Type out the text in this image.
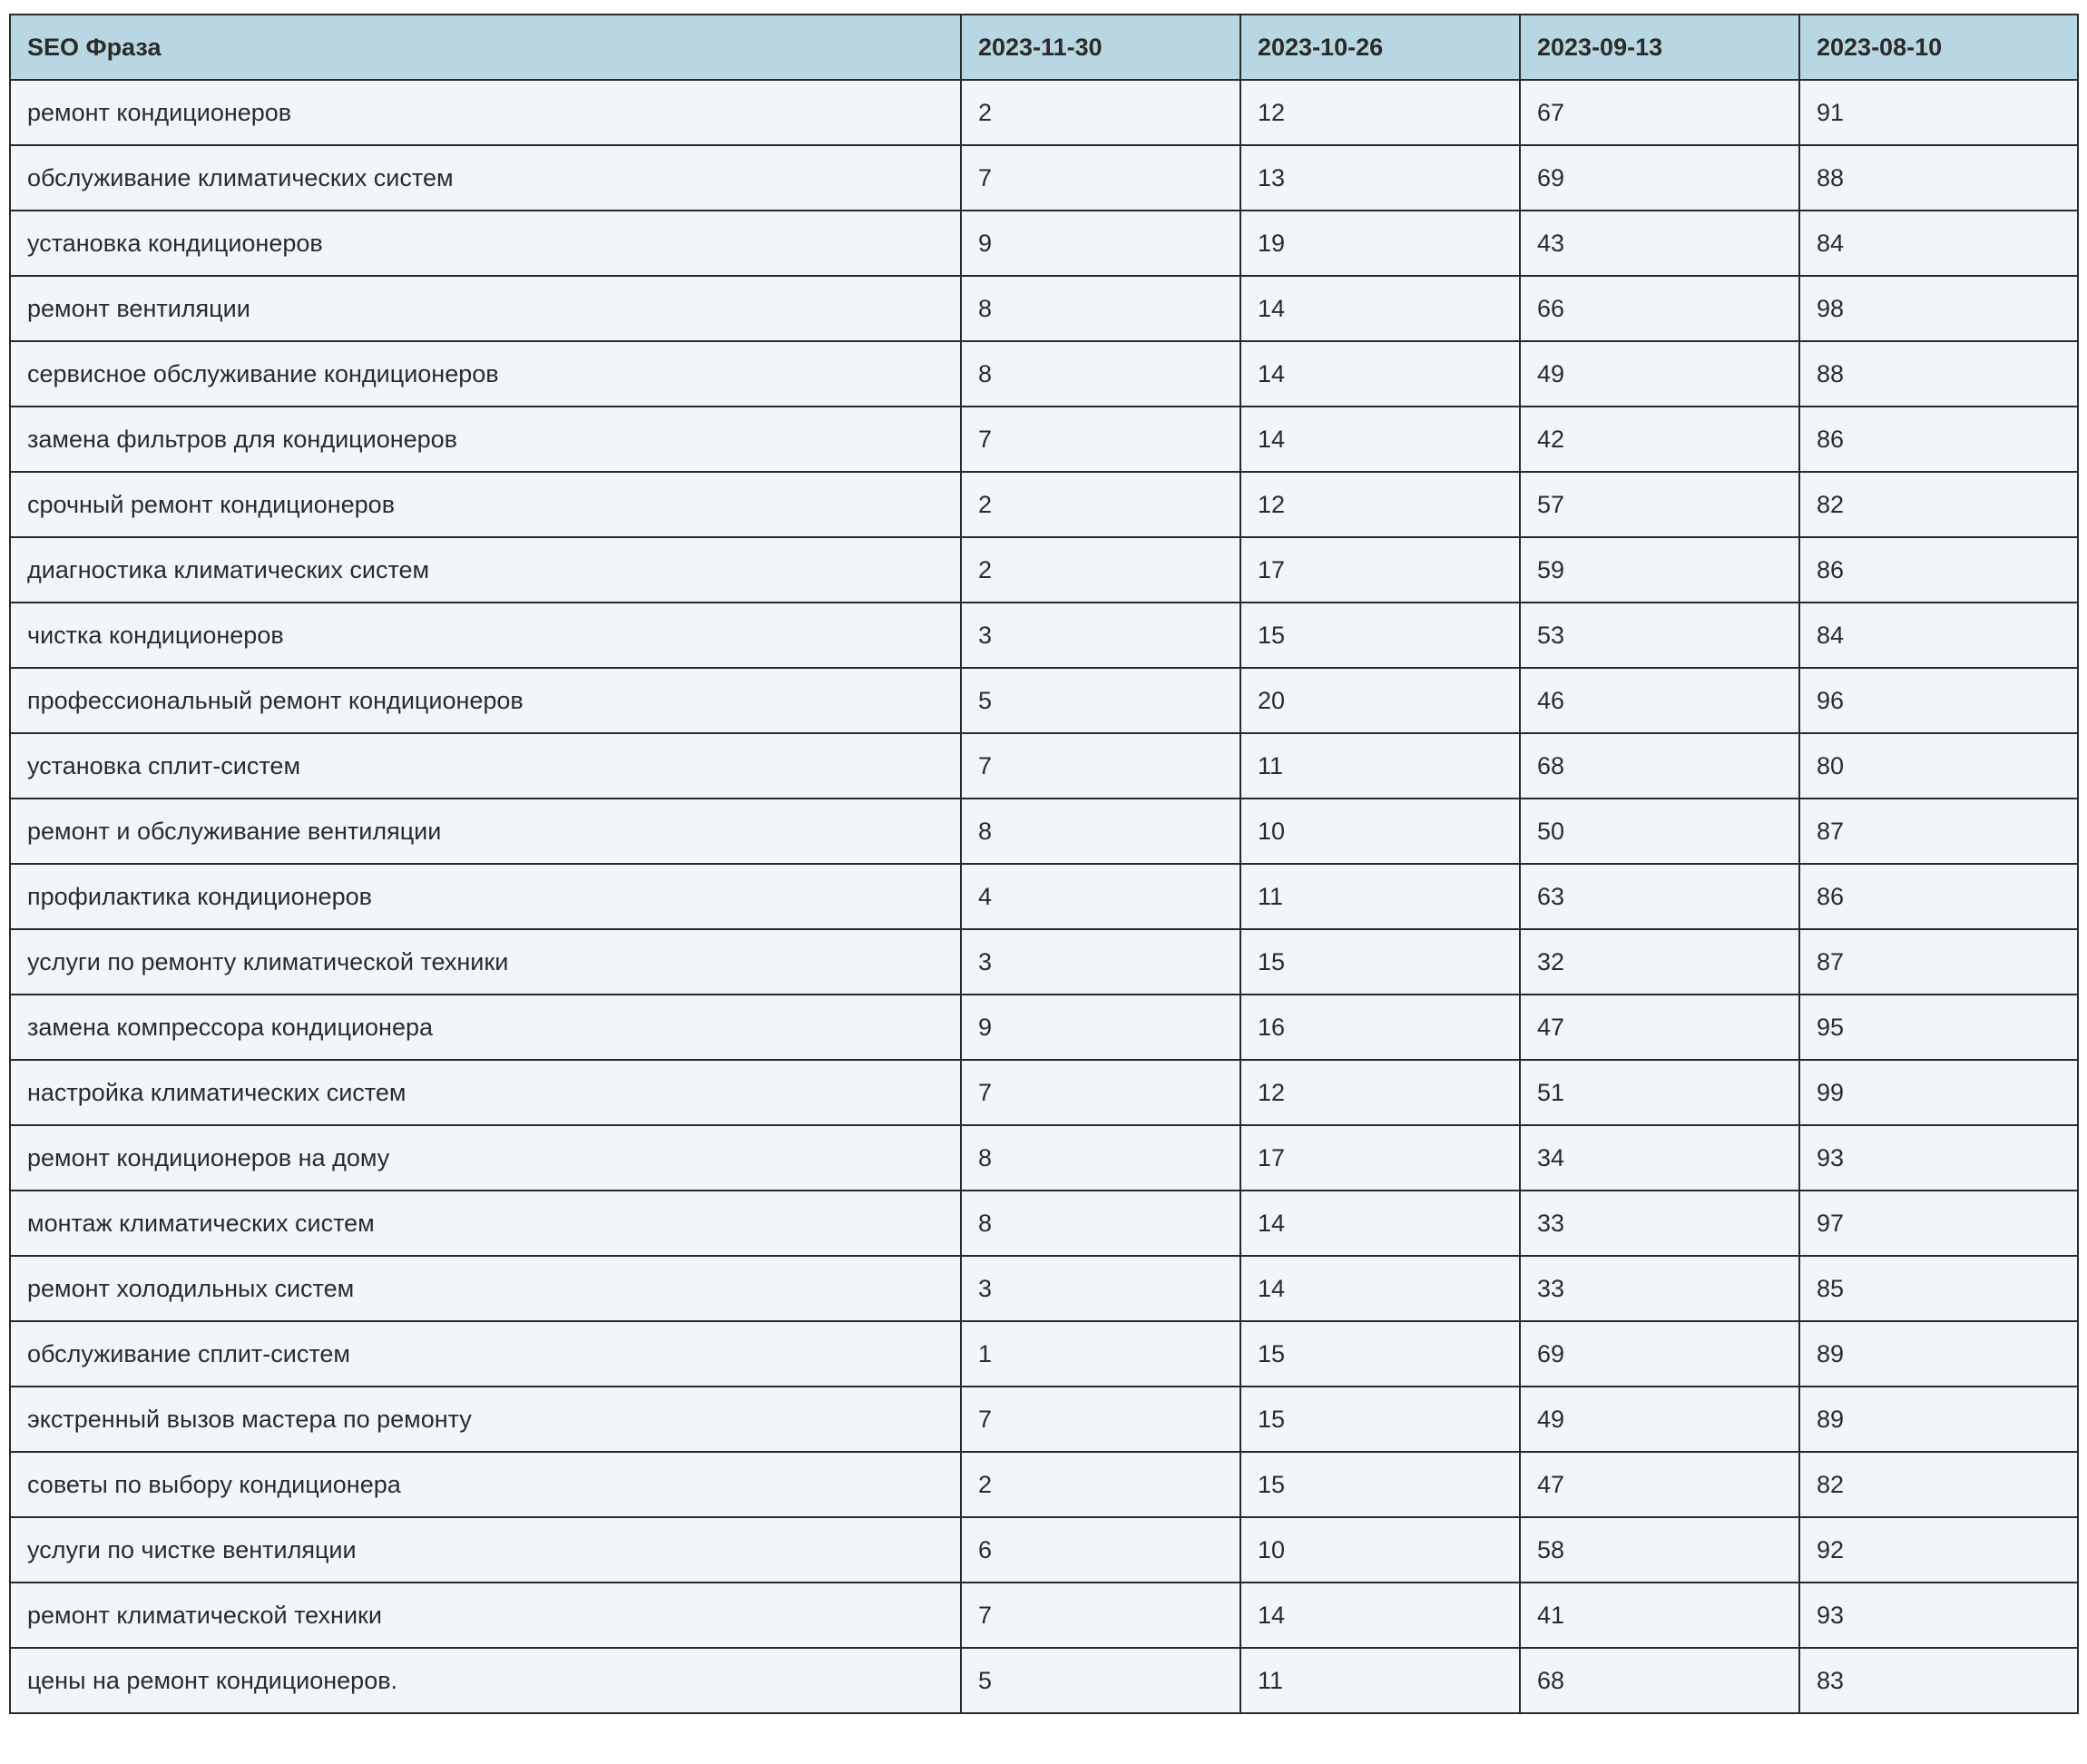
SEO Фраза	2023-11-30	2023-10-26	2023-09-13	2023-08-10
ремонт кондиционеров	2	12	67	91
обслуживание климатических систем	7	13	69	88
установка кондиционеров	9	19	43	84
ремонт вентиляции	8	14	66	98
сервисное обслуживание кондиционеров	8	14	49	88
замена фильтров для кондиционеров	7	14	42	86
срочный ремонт кондиционеров	2	12	57	82
диагностика климатических систем	2	17	59	86
чистка кондиционеров	3	15	53	84
профессиональный ремонт кондиционеров	5	20	46	96
установка сплит-систем	7	11	68	80
ремонт и обслуживание вентиляции	8	10	50	87
профилактика кондиционеров	4	11	63	86
услуги по ремонту климатической техники	3	15	32	87
замена компрессора кондиционера	9	16	47	95
настройка климатических систем	7	12	51	99
ремонт кондиционеров на дому	8	17	34	93
монтаж климатических систем	8	14	33	97
ремонт холодильных систем	3	14	33	85
обслуживание сплит-систем	1	15	69	89
экстренный вызов мастера по ремонту	7	15	49	89
советы по выбору кондиционера	2	15	47	82
услуги по чистке вентиляции	6	10	58	92
ремонт климатической техники	7	14	41	93
цены на ремонт кондиционеров.	5	11	68	83
